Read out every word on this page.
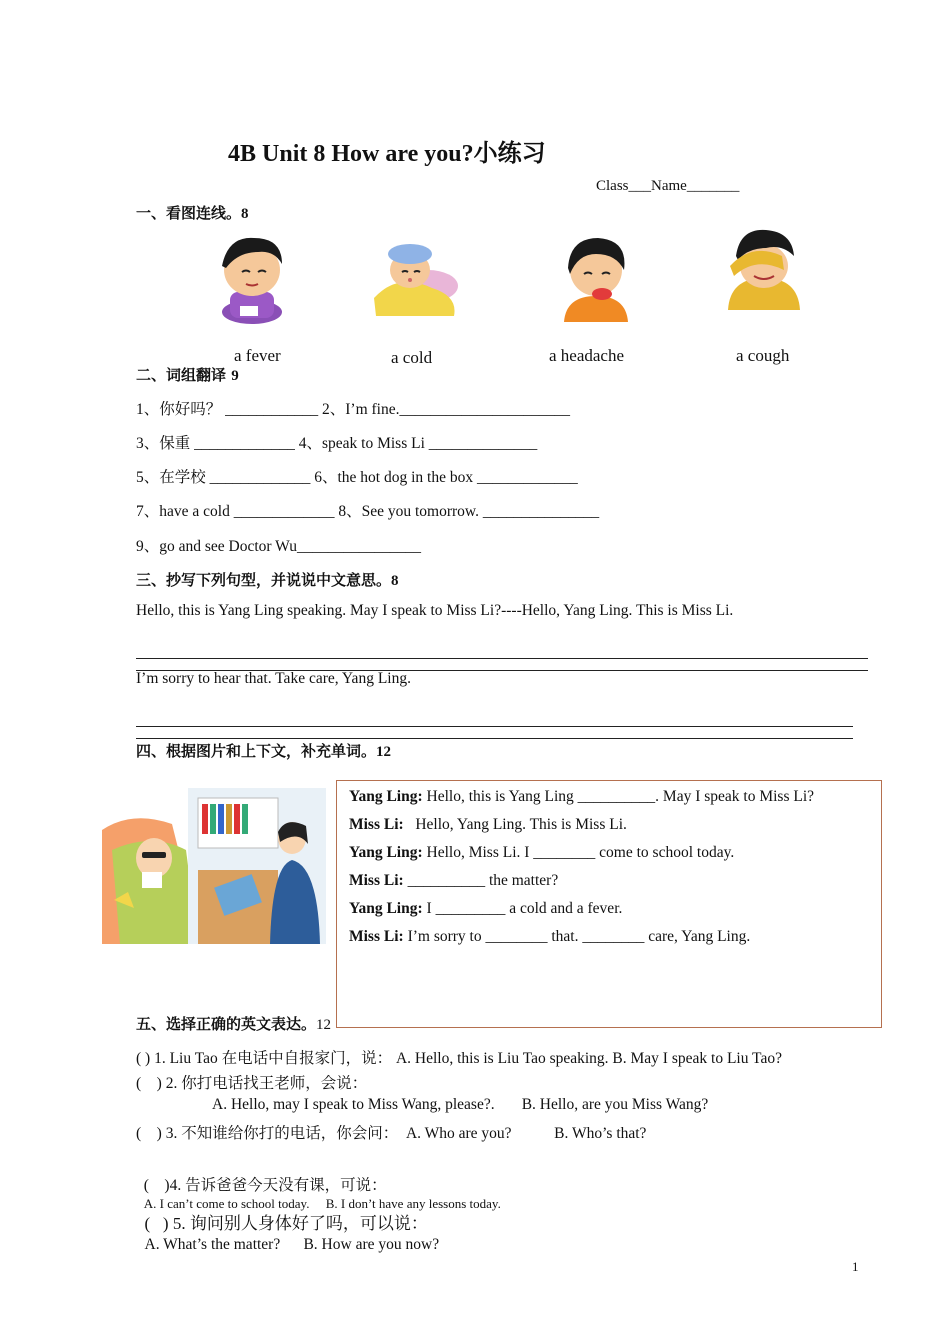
4B Unit 8 How are you?小练习
Class___Name_______
一、看图连线。8
a fever	a cold	a headache	a cough
二、词组翻译 9
1、你好吗？ ____________ 2、I’m fine.______________________
3、保重 _____________ 4、speak to Miss Li ______________
5、在学校 _____________ 6、the hot dog in the box _____________
7、have a cold _____________ 8、See you tomorrow. _______________
9、go and see Doctor Wu________________
三、抄写下列句型，并说说中文意思。8
Hello, this is Yang Ling speaking. May I speak to Miss Li?----Hello, Yang Ling. This is Miss Li.
I’m sorry to hear that. Take care, Yang Ling.
四、根据图片和上下文，补充单词。12
Yang Ling: Hello, this is Yang Ling __________. May I speak to Miss Li?
Miss Li:   Hello, Yang Ling. This is Miss Li.
Yang Ling: Hello, Miss Li. I ________ come to school today.
Miss Li: __________ the matter?
Yang Ling: I _________ a cold and a fever.
Miss Li: I’m sorry to ________ that. ________ care, Yang Ling.
五、选择正确的英文表达。12
( ) 1. Liu Tao 在电话中自报家门，说： A. Hello, this is Liu Tao speaking. B. May I speak to Liu Tao?
(    ) 2. 你打电话找王老师，会说：
A. Hello, may I speak to Miss Wang, please?.       B. Hello, are you Miss Wang?
(    ) 3. 不知谁给你打的电话，你会问：  A. Who are you?           B. Who’s that?

(    )4. 告诉爸爸今天没有课，可说：
A. I can’t come to school today.     B. I don’t have any lessons today.

(   ) 5. 询问别人身体好了吗，可以说：
A. What’s the matter?      B. How are you now?

1
